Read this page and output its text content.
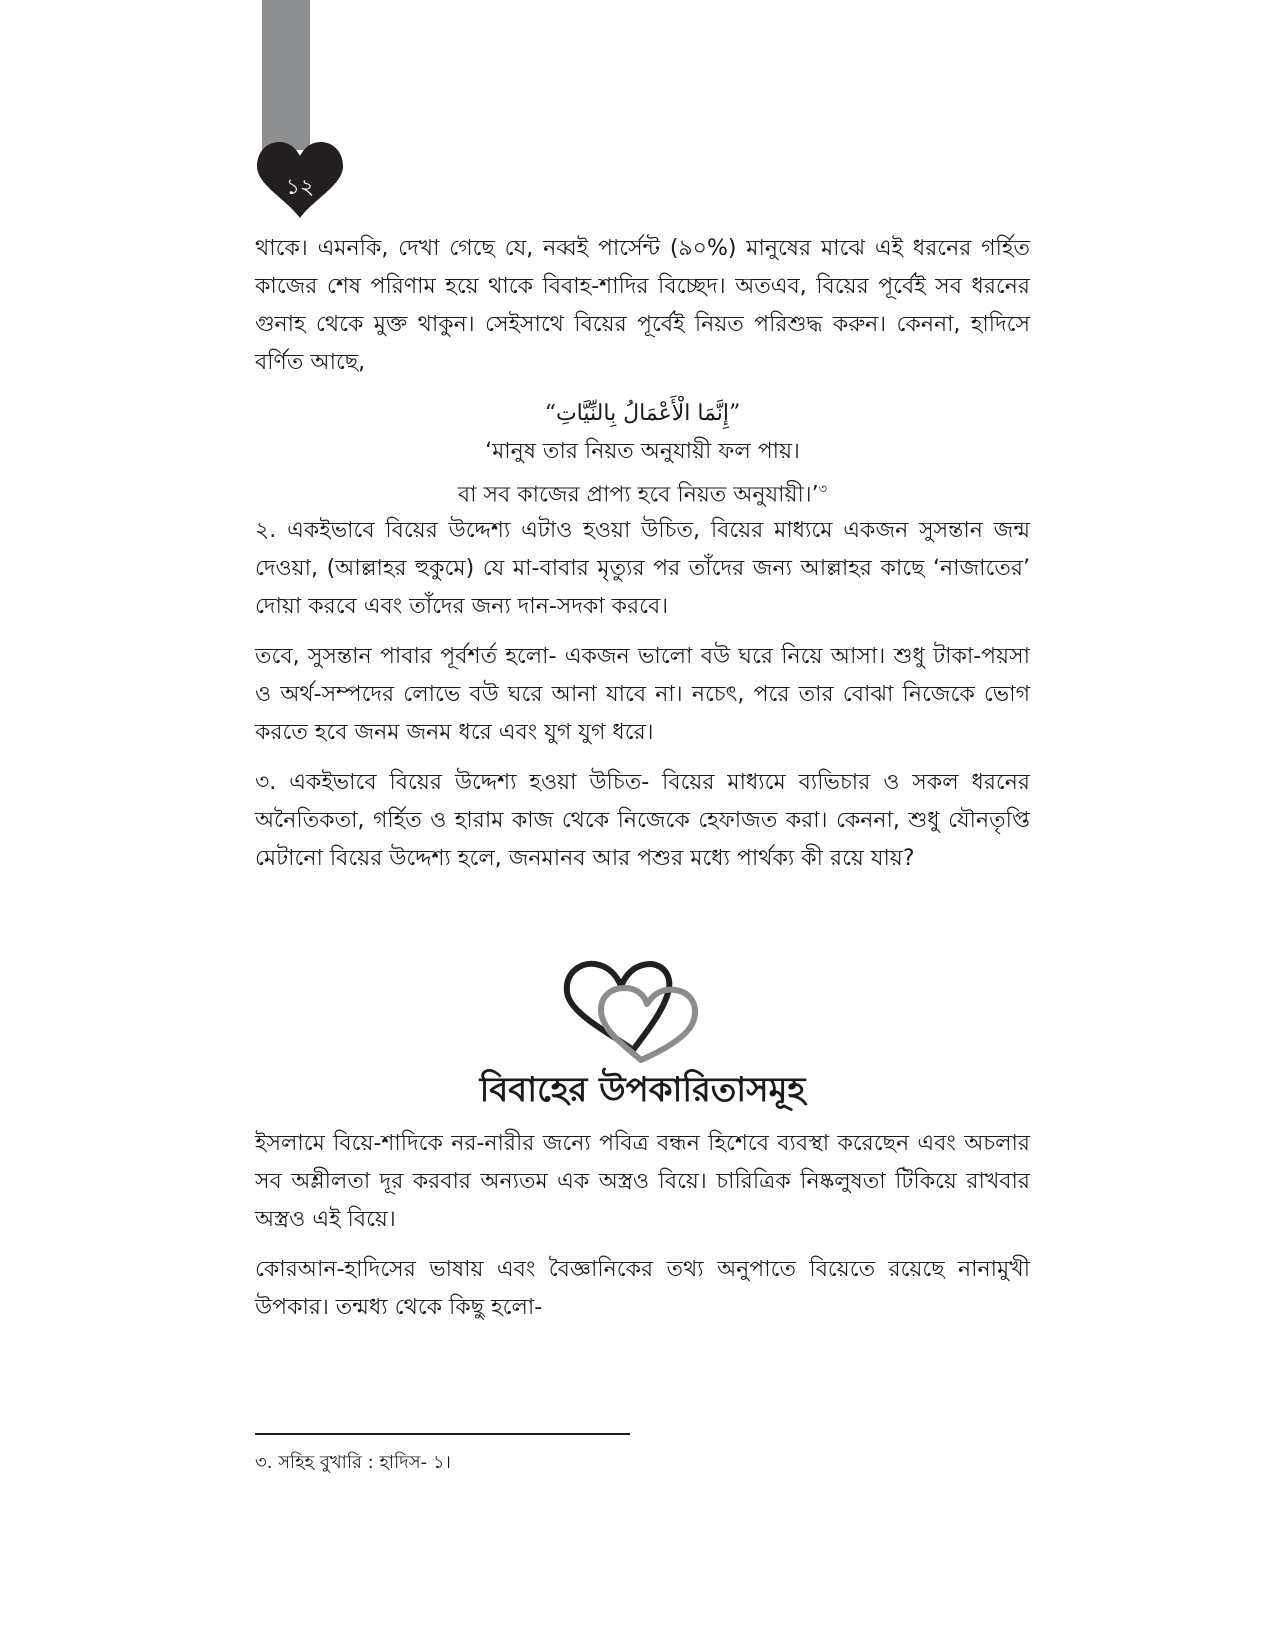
১২

থাকে। এমনকি, দেখা গেছে যে, নব্বই পার্সেন্ট (৯০%) মানুষের মাঝে এই ধরনের গর্হিত কাজের শেষ পরিণাম হয়ে থাকে বিবাহ-শাদির বিচ্ছেদ। অতএব, বিয়ের পূর্বেই সব ধরনের গুনাহ থেকে মুক্ত থাকুন। সেইসাথে বিয়ের পূর্বেই নিয়ত পরিশুদ্ধ করুন। কেননা, হাদিসে বর্ণিত আছে,

“إِنَّمَا الْأَعْمَالُ بِالنِّيَّاتِ”
‘মানুষ তার নিয়ত অনুযায়ী ফল পায়।
বা সব কাজের প্রাপ্য হবে নিয়ত অনুযায়ী।’$^৩$

২. একইভাবে বিয়ের উদ্দেশ্য এটাও হওয়া উচিত, বিয়ের মাধ্যমে একজন সুসন্তান জন্ম দেওয়া, (আল্লাহর হুকুমে) যে মা-বাবার মৃত্যুর পর তাঁদের জন্য আল্লাহর কাছে ‘নাজাতের’ দোয়া করবে এবং তাঁদের জন্য দান-সদকা করবে।

তবে, সুসন্তান পাবার পূর্বশর্ত হলো- একজন ভালো বউ ঘরে নিয়ে আসা। শুধু টাকা-পয়সা ও অর্থ-সম্পদের লোভে বউ ঘরে আনা যাবে না। নচেৎ, পরে তার বোঝা নিজেকে ভোগ করতে হবে জনম জনম ধরে এবং যুগ যুগ ধরে।

৩. একইভাবে বিয়ের উদ্দেশ্য হওয়া উচিত- বিয়ের মাধ্যমে ব্যভিচার ও সকল ধরনের অনৈতিকতা, গর্হিত ও হারাম কাজ থেকে নিজেকে হেফাজত করা। কেননা, শুধু যৌনতৃপ্তি মেটানো বিয়ের উদ্দেশ্য হলে, জনমানব আর পশুর মধ্যে পার্থক্য কী রয়ে যায়?

বিবাহের উপকারিতাসমূহ

ইসলামে বিয়ে-শাদিকে নর-নারীর জন্যে পবিত্র বন্ধন হিশেবে ব্যবস্থা করেছেন এবং অচলার সব অশ্লীলতা দূর করবার অন্যতম এক অস্ত্রও বিয়ে। চারিত্রিক নিষ্কলুষতা টিকিয়ে রাখবার অস্ত্রও এই বিয়ে।

কোরআন-হাদিসের ভাষায় এবং বৈজ্ঞানিকের তথ্য অনুপাতে বিয়েতে রয়েছে নানামুখী উপকার। তন্মধ্য থেকে কিছু হলো-

৩. সহিহ বুখারি : হাদিস- ১।
